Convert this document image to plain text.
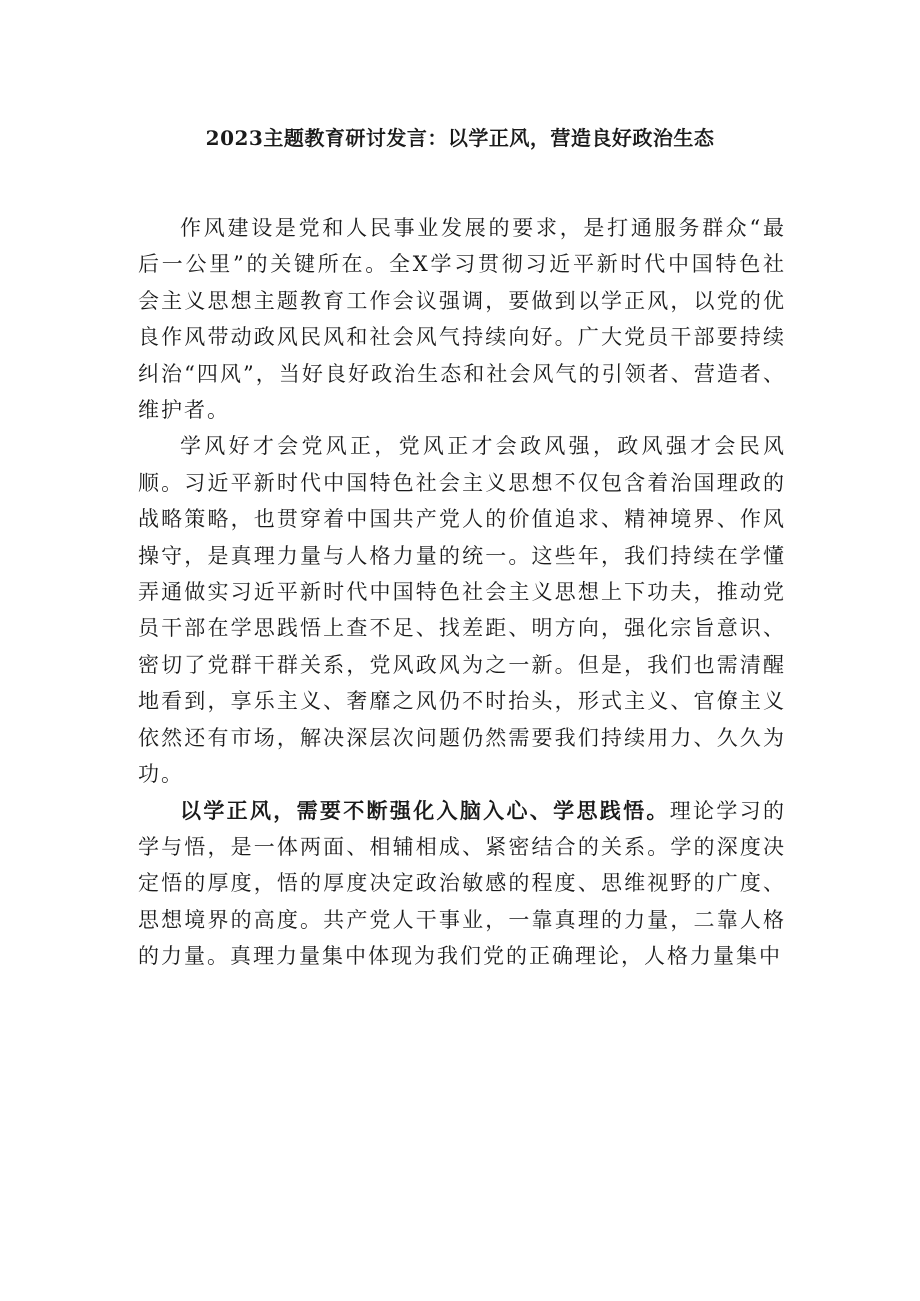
2023主题教育研讨发言：以学正风，营造良好政治生态

作风建设是党和人民事业发展的要求，是打通服务群众“最后一公里”的关键所在。全X学习贯彻习近平新时代中国特色社会主义思想主题教育工作会议强调，要做到以学正风，以党的优良作风带动政风民风和社会风气持续向好。广大党员干部要持续纠治“四风”，当好良好政治生态和社会风气的引领者、营造者、维护者。

学风好才会党风正，党风正才会政风强，政风强才会民风顺。习近平新时代中国特色社会主义思想不仅包含着治国理政的战略策略，也贯穿着中国共产党人的价值追求、精神境界、作风操守，是真理力量与人格力量的统一。这些年，我们持续在学懂弄通做实习近平新时代中国特色社会主义思想上下功夫，推动党员干部在学思践悟上查不足、找差距、明方向，强化宗旨意识、密切了党群干群关系，党风政风为之一新。但是，我们也需清醒地看到，享乐主义、奢靡之风仍不时抬头，形式主义、官僚主义依然还有市场，解决深层次问题仍然需要我们持续用力、久久为功。

以学正风，需要不断强化入脑入心、学思践悟。理论学习的学与悟，是一体两面、相辅相成、紧密结合的关系。学的深度决定悟的厚度，悟的厚度决定政治敏感的程度、思维视野的广度、思想境界的高度。共产党人干事业，一靠真理的力量，二靠人格的力量。真理力量集中体现为我们党的正确理论，人格力量集中
